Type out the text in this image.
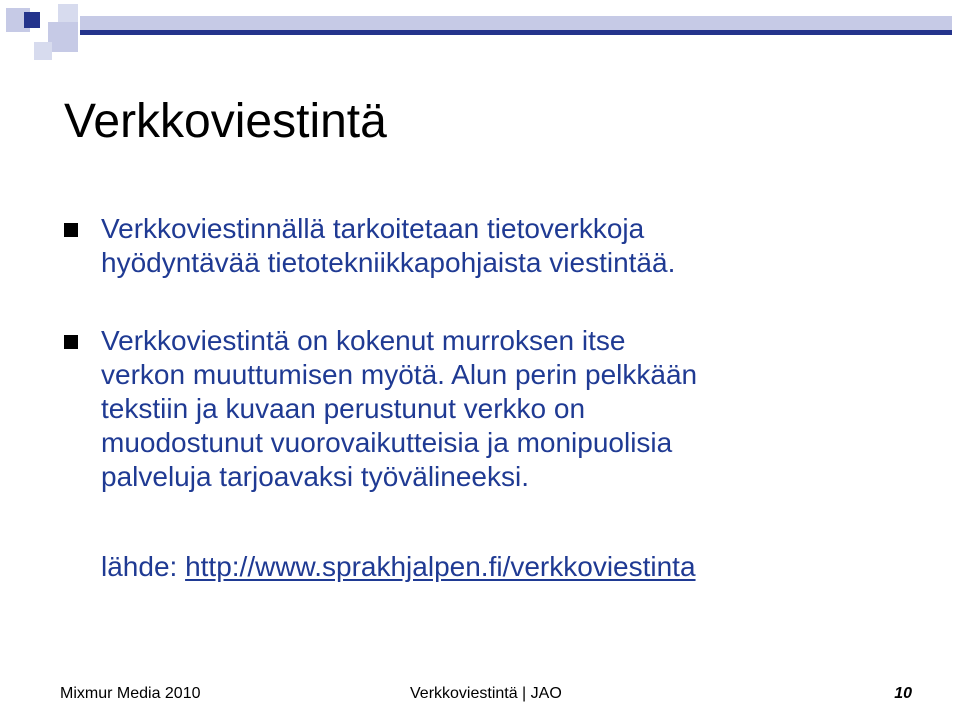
Verkkoviestintä
Verkkoviestinnällä tarkoitetaan tietoverkkoja
hyödyntävää tietotekniikkapohjaista viestintää.
Verkkoviestintä on kokenut murroksen itse
verkon muuttumisen myötä. Alun perin pelkkään
tekstiin ja kuvaan perustunut verkko on
muodostunut vuorovaikutteisia ja monipuolisia
palveluja tarjoavaksi työvälineeksi.
lähde: http://www.sprakhjalpen.fi/verkkoviestinta
Mixmur Media 2010	Verkkoviestintä | JAO	10
